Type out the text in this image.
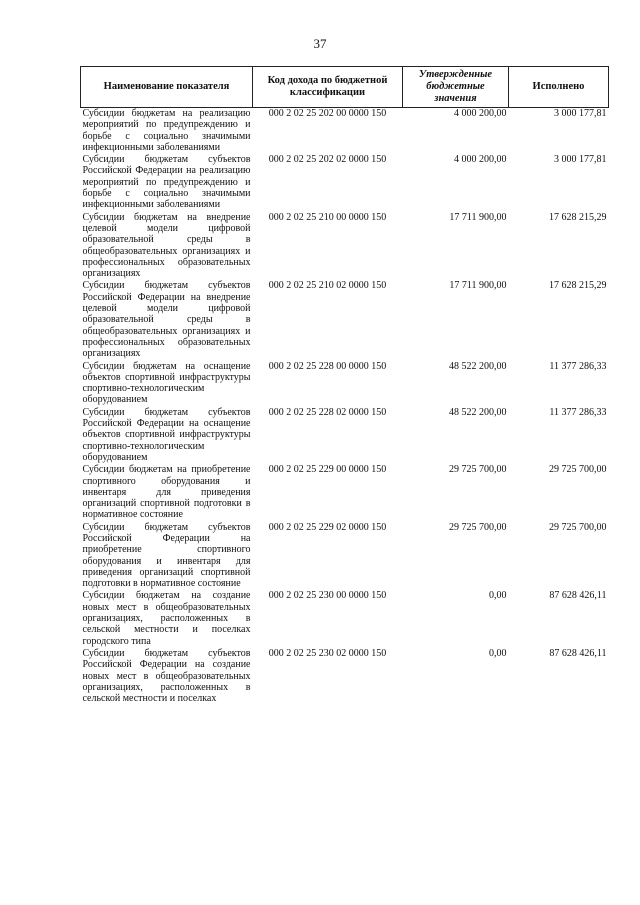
37
Наименование показателя	Код дохода по бюджетной классификации	Утвержденные бюджетные значения	Исполнено
Субсидии бюджетам на реализацию мероприятий по предупреждению и борьбе с социально значимыми инфекционными заболеваниями	000 2 02 25 202 00 0000 150	4 000 200,00	3 000 177,81
Субсидии бюджетам субъектов Российской Федерации на реализацию мероприятий по предупреждению и борьбе с социально значимыми инфекционными заболеваниями	000 2 02 25 202 02 0000 150	4 000 200,00	3 000 177,81
Субсидии бюджетам на внедрение целевой модели цифровой образовательной среды в общеобразовательных организациях и профессиональных образовательных организациях	000 2 02 25 210 00 0000 150	17 711 900,00	17 628 215,29
Субсидии бюджетам субъектов Российской Федерации на внедрение целевой модели цифровой образовательной среды в общеобразовательных организациях и профессиональных образовательных организациях	000 2 02 25 210 02 0000 150	17 711 900,00	17 628 215,29
Субсидии бюджетам на оснащение объектов спортивной инфраструктуры спортивно-технологическим оборудованием	000 2 02 25 228 00 0000 150	48 522 200,00	11 377 286,33
Субсидии бюджетам субъектов Российской Федерации на оснащение объектов спортивной инфраструктуры спортивно-технологическим оборудованием	000 2 02 25 228 02 0000 150	48 522 200,00	11 377 286,33
Субсидии бюджетам на приобретение спортивного оборудования и инвентаря для приведения организаций спортивной подготовки в нормативное состояние	000 2 02 25 229 00 0000 150	29 725 700,00	29 725 700,00
Субсидии бюджетам субъектов Российской Федерации на приобретение спортивного оборудования и инвентаря для приведения организаций спортивной подготовки в нормативное состояние	000 2 02 25 229 02 0000 150	29 725 700,00	29 725 700,00
Субсидии бюджетам на создание новых мест в общеобразовательных организациях, расположенных в сельской местности и поселках городского типа	000 2 02 25 230 00 0000 150	0,00	87 628 426,11
Субсидии бюджетам субъектов Российской Федерации на создание новых мест в общеобразовательных организациях, расположенных в сельской местности и поселках	000 2 02 25 230 02 0000 150	0,00	87 628 426,11
